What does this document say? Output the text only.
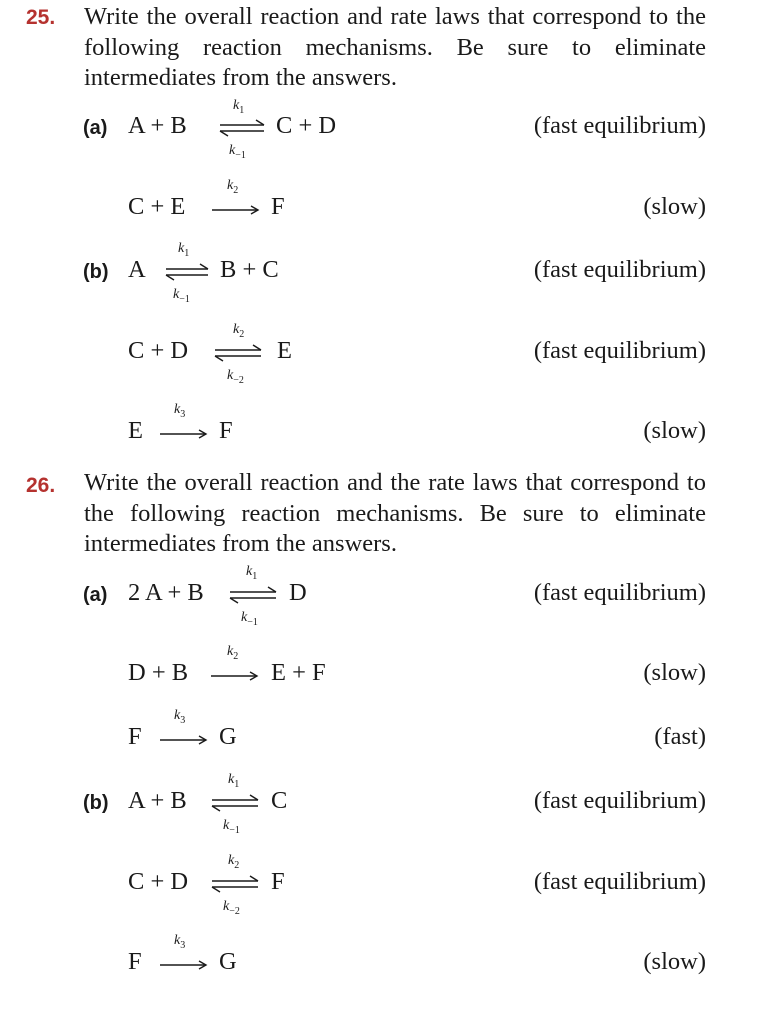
25. Write the overall reaction and rate laws that correspond to the following reaction mechanisms. Be sure to eliminate intermediates from the answers.
(a) A + B
$k_1$
$k_{-1}$
C + D	(fast equilibrium)
C + E
$k_2$
F	(slow)
(b) A
$k_1$
$k_{-1}$
B + C	(fast equilibrium)
C + D
$k_2$
$k_{-2}$
E	(fast equilibrium)
E
$k_3$
F	(slow)
26. Write the overall reaction and the rate laws that correspond to the following reaction mechanisms. Be sure to eliminate intermediates from the answers.
(a) 2 A + B
$k_1$
$k_{-1}$
D	(fast equilibrium)
D + B
$k_2$
E + F	(slow)
F
$k_3$
G	(fast)
(b) A + B
$k_1$
$k_{-1}$
C	(fast equilibrium)
C + D
$k_2$
$k_{-2}$
F	(fast equilibrium)
F
$k_3$
G	(slow)
